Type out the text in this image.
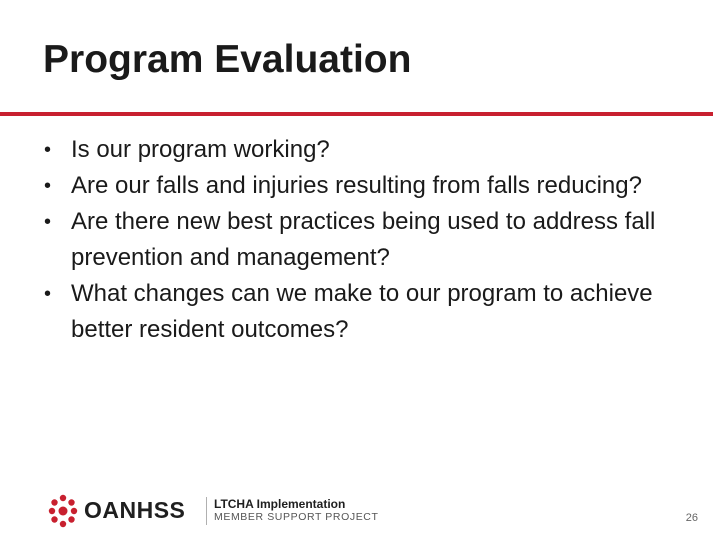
Program Evaluation
• Is our program working?
• Are our falls and injuries resulting from falls reducing?
• Are there new best practices being used to address fall prevention and management?
• What changes can we make to our program to achieve better resident outcomes?
OANHSS LTCHA Implementation
MEMBER SUPPORT PROJECT	26
